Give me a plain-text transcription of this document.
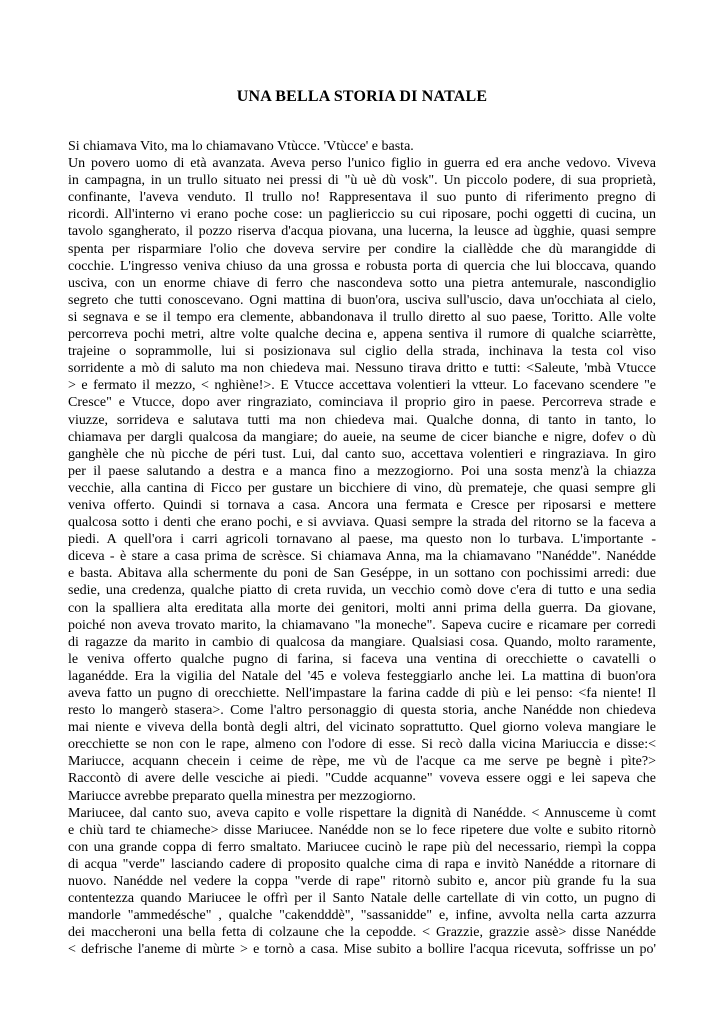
UNA BELLA STORIA DI NATALE
Si chiamava Vito, ma lo chiamavano Vtùcce. 'Vtùcce' e basta.
Un povero uomo di età avanzata. Aveva perso l'unico figlio in guerra ed era anche vedovo. Viveva
in campagna, in un trullo situato nei pressi di "ù uè dù vosk". Un piccolo podere, di sua proprietà,
confinante, l'aveva venduto. Il trullo no! Rappresentava il suo punto di riferimento pregno di
ricordi. All'interno vi erano poche cose: un pagliericcio su cui riposare, pochi oggetti di cucina, un
tavolo sgangherato, il pozzo riserva d'acqua piovana, una lucerna, la leusce ad ùgghie, quasi sempre
spenta per risparmiare l'olio che doveva servire per condire la ciallèdde che dù marangidde di
cocchie. L'ingresso veniva chiuso da una grossa e robusta porta di quercia che lui bloccava, quando
usciva, con un enorme chiave di ferro che nascondeva sotto una pietra antemurale, nascondiglio
segreto che tutti conoscevano. Ogni mattina di buon'ora, usciva sull'uscio, dava un'occhiata al cielo,
si segnava e se il tempo era clemente, abbandonava il trullo diretto al suo paese, Toritto. Alle volte
percorreva pochi metri, altre volte qualche decina e, appena sentiva il rumore di qualche sciarrètte,
trajeine o soprammolle, lui si posizionava sul ciglio della strada, inchinava la testa col viso
sorridente a mò di saluto ma non chiedeva mai. Nessuno tirava dritto e tutti: <Saleute, 'mbà Vtucce
> e fermato il mezzo, < nghiène!>. E Vtucce accettava volentieri la vtteur. Lo facevano scendere "e
Cresce" e Vtucce, dopo aver ringraziato, cominciava il proprio giro in paese. Percorreva strade e
viuzze, sorrideva e salutava tutti ma non chiedeva mai. Qualche donna, di tanto in tanto, lo
chiamava per dargli qualcosa da mangiare; do aueie, na seume de cicer bianche e nigre, dofev o dù
ganghèle che nù picche de péri tust. Lui, dal canto suo, accettava volentieri e ringraziava. In giro
per il paese salutando a destra e a manca fino a mezzogiorno. Poi una sosta menz'à la chiazza
vecchie, alla cantina di Ficco per gustare un bicchiere di vino, dù premateje, che quasi sempre gli
veniva offerto. Quindi si tornava a casa. Ancora una fermata e Cresce per riposarsi e mettere
qualcosa sotto i denti che erano pochi, e si avviava. Quasi sempre la strada del ritorno se la faceva a
piedi. A quell'ora i carri agricoli tornavano al paese, ma questo non lo turbava. L'importante -
diceva - è stare a casa prima de scrèsce. Si chiamava Anna, ma la chiamavano "Nanédde". Nanédde
e basta. Abitava alla schermente du poni de San Geséppe, in un sottano con pochissimi arredi: due
sedie, una credenza, qualche piatto di creta ruvida, un vecchio comò dove c'era di tutto e una sedia
con la spalliera alta ereditata alla morte dei genitori, molti anni prima della guerra. Da giovane,
poiché non aveva trovato marito, la chiamavano "la moneche". Sapeva cucire e ricamare per corredi
di ragazze da marito in cambio di qualcosa da mangiare. Qualsiasi cosa. Quando, molto raramente,
le veniva offerto qualche pugno di farina, si faceva una ventina di orecchiette o cavatelli o
laganédde. Era la vigilia del Natale del '45 e voleva festeggiarlo anche lei. La mattina di buon'ora
aveva fatto un pugno di orecchiette. Nell'impastare la farina cadde di più e lei penso: <fa niente! Il
resto lo mangerò stasera>. Come l'altro personaggio di questa storia, anche Nanédde non chiedeva
mai niente e viveva della bontà degli altri, del vicinato soprattutto. Quel giorno voleva mangiare le
orecchiette se non con le rape, almeno con l'odore di esse. Si recò dalla vicina Mariuccia e disse:<
Mariucce, acquann checein i ceime de rèpe, me vù de l'acque ca me serve pe begnè i pìte?>
Raccontò di avere delle vesciche ai piedi. "Cudde acquanne" voveva essere oggi e lei sapeva che
Mariucce avrebbe preparato quella minestra per mezzogiorno.
Mariucee, dal canto suo, aveva capito e volle rispettare la dignità di Nanédde. < Annusceme ù comt
e chiù tard te chiameche> disse Mariucee. Nanédde non se lo fece ripetere due volte e subito ritornò
con una grande coppa di ferro smaltato. Mariucee cucinò le rape più del necessario, riempì la coppa
di acqua "verde" lasciando cadere di proposito qualche cima di rapa e invitò Nanédde a ritornare di
nuovo. Nanédde nel vedere la coppa "verde di rape" ritornò subito e, ancor più grande fu la sua
contentezza quando Mariucee le offrì per il Santo Natale delle cartellate di vin cotto, un pugno di
mandorle "ammedésche" , qualche "cakendddè", "sassanidde" e, infine, avvolta nella carta azzurra
dei maccheroni una bella fetta di colzaune che la cepodde. < Grazzie, grazzie assè> disse Nanédde
< defrische l'aneme di mùrte > e tornò a casa. Mise subito a bollire l'acqua ricevuta, soffrisse un po'
